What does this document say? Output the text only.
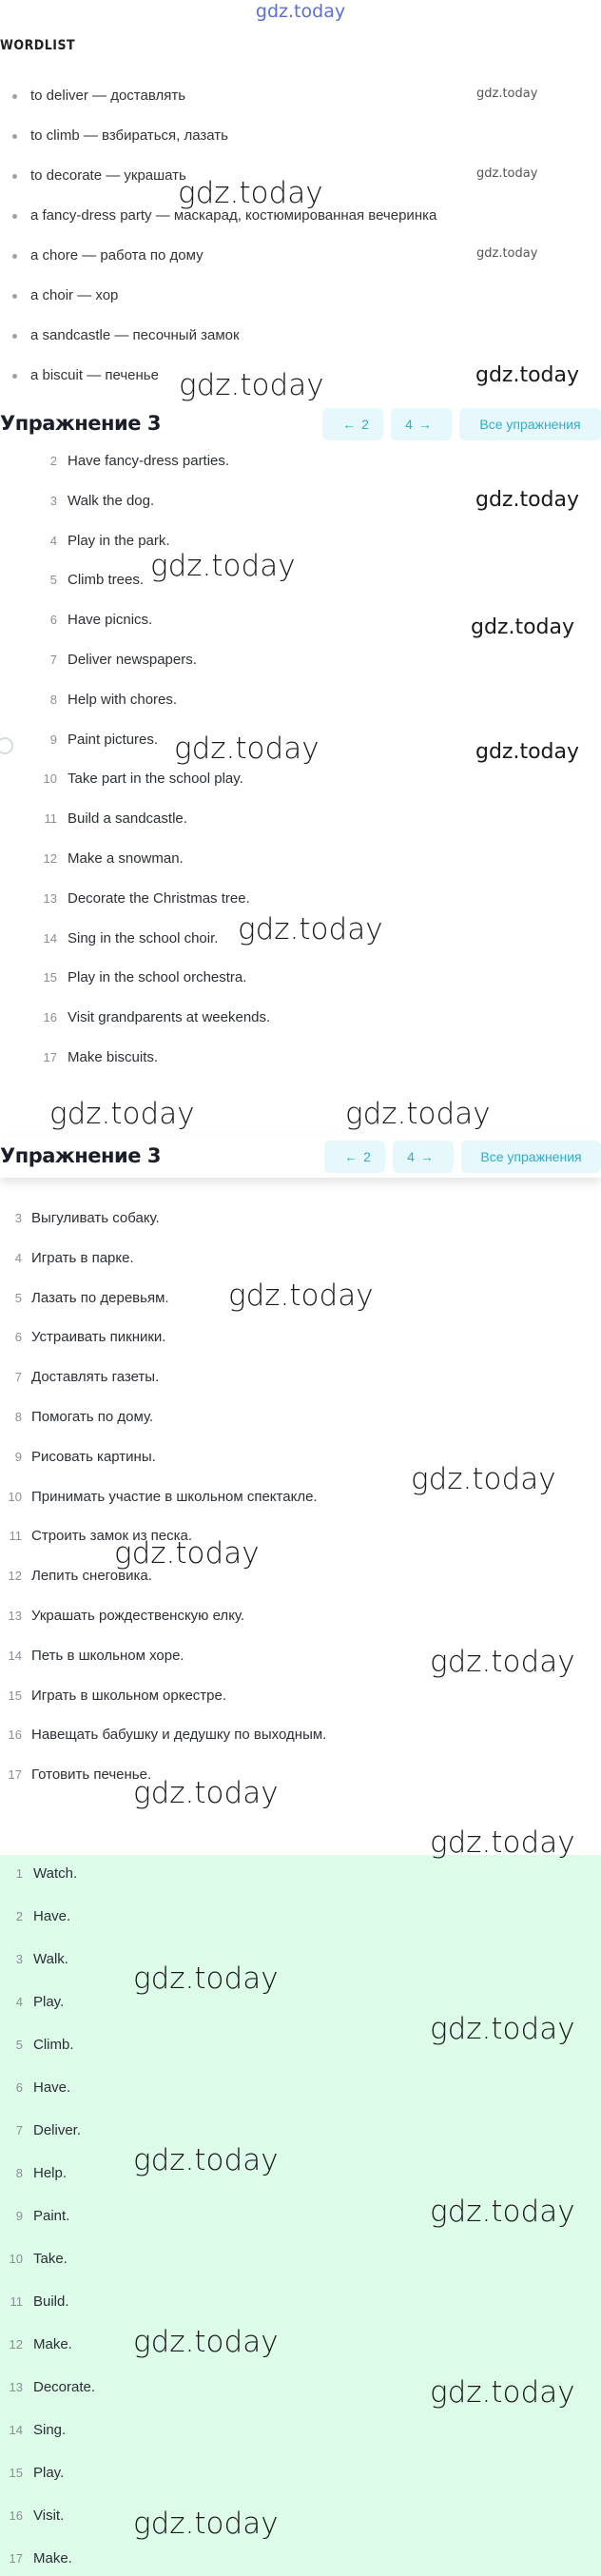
gdz.today
WORDLIST
to deliver — доставлять
to climb — взбираться, лазать
to decorate — украшать
a fancy-dress party — маскарад, костюмированная вечеринка
a chore — работа по дому
a choir — хор
a sandcastle — песочный замок
a biscuit — печенье
Упражнение 3	← 2	4 →	Все упражнения
2 Have fancy-dress parties.
3 Walk the dog.
4 Play in the park.
5 Climb trees.
6 Have picnics.
7 Deliver newspapers.
8 Help with chores.
9 Paint pictures.
10 Take part in the school play.
11 Build a sandcastle.
12 Make a snowman.
13 Decorate the Christmas tree.
14 Sing in the school choir.
15 Play in the school orchestra.
16 Visit grandparents at weekends.
17 Make biscuits.
Упражнение 3	← 2	4 →	Все упражнения
3 Выгуливать собаку.
4 Играть в парке.
5 Лазать по деревьям.
6 Устраивать пикники.
7 Доставлять газеты.
8 Помогать по дому.
9 Рисовать картины.
10 Принимать участие в школьном спектакле.
11 Строить замок из песка.
12 Лепить снеговика.
13 Украшать рождественскую елку.
14 Петь в школьном хоре.
15 Играть в школьном оркестре.
16 Навещать бабушку и дедушку по выходным.
17 Готовить печенье.
1 Watch.
2 Have.
3 Walk.
4 Play.
5 Climb.
6 Have.
7 Deliver.
8 Help.
9 Paint.
10 Take.
11 Build.
12 Make.
13 Decorate.
14 Sing.
15 Play.
16 Visit.
17 Make.
gdz.today
gdz.today
gdz.today
gdz.today
gdz.today	gdz.today
gdz.today
gdz.today
gdz.today
gdz.today	gdz.today
gdz.today
gdz.today	gdz.today
gdz.today
gdz.today
gdz.today
gdz.today
gdz.today
gdz.today
gdz.today
gdz.today
gdz.today
gdz.today
gdz.today
gdz.today
gdz.today
